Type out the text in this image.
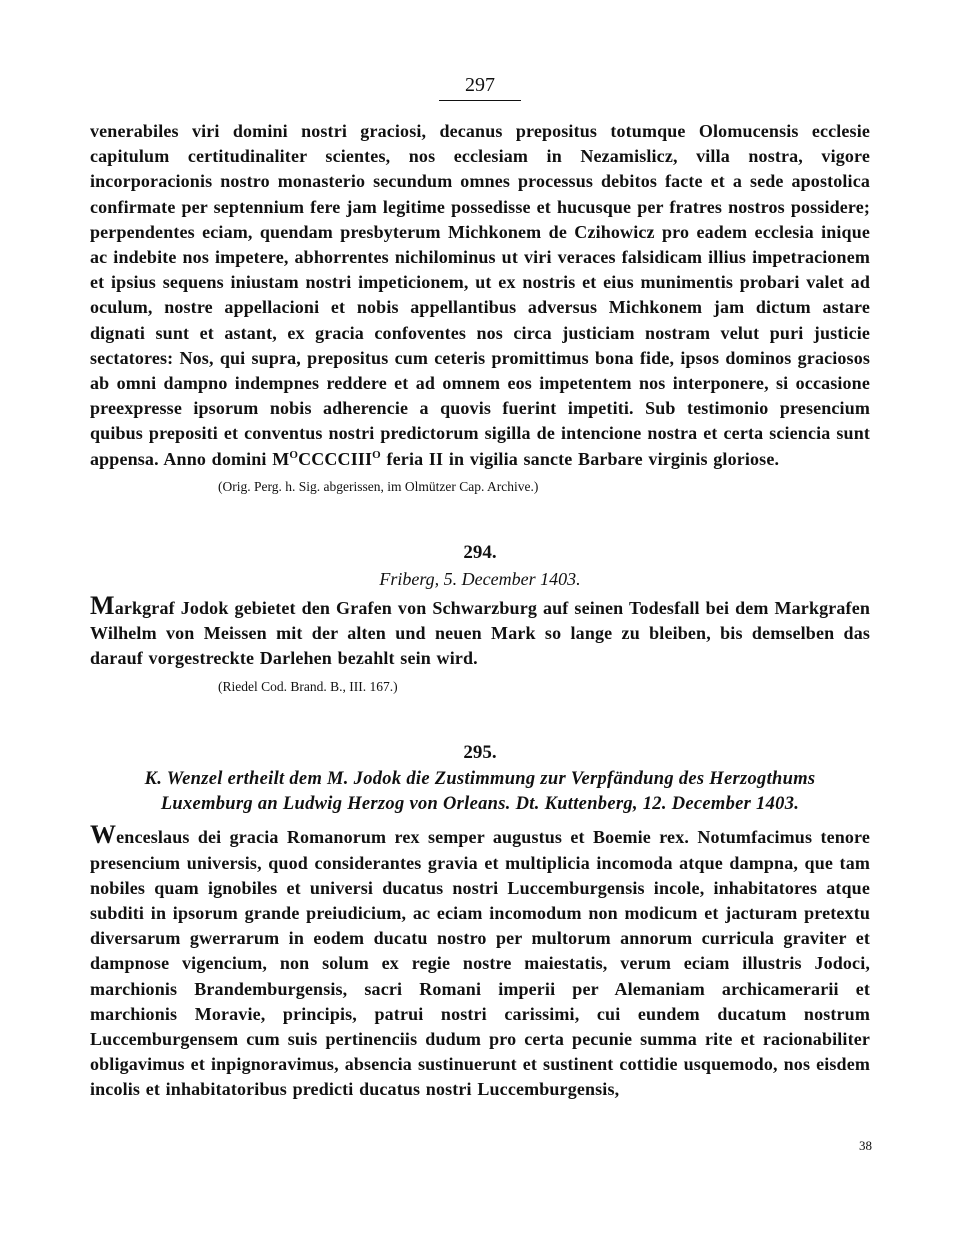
297

venerabiles viri domini nostri graciosi, decanus prepositus totumque Olomucensis ecclesie capitulum certitudinaliter scientes, nos ecclesiam in Nezamislicz, villa nostra, vigore incorporacionis nostro monasterio secundum omnes processus debitos facte et a sede apostolica confirmate per septennium fere jam legitime possedisse et hucusque per fratres nostros possidere; perpendentes eciam, quendam presbyterum Michkonem de Czihowicz pro eadem ecclesia inique ac indebite nos impetere, abhorrentes nichilominus ut viri veraces falsidicam illius impetracionem et ipsius sequens iniustam nostri impeticionem, ut ex nostris et eius munimentis probari valet ad oculum, nostre appellacioni et nobis appellantibus adversus Michkonem jam dictum astare dignati sunt et astant, ex gracia confoventes nos circa justiciam nostram velut puri justicie sectatores: Nos, qui supra, prepositus cum ceteris promittimus bona fide, ipsos dominos graciosos ab omni dampno indempnes reddere et ad omnem eos impetentem nos interponere, si occasione preexpresse ipsorum nobis adherencie a quovis fuerint impetiti. Sub testimonio presencium quibus prepositi et conventus nostri predictorum sigilla de intencione nostra et certa sciencia sunt appensa. Anno domini $M^OCCCCIII^O$ feria II in vigilia sancte Barbare virginis gloriose.

(Orig. Perg. h. Sig. abgerissen, im Olmützer Cap. Archive.)
294.
Friberg, 5. December 1403.

Markgraf Jodok gebietet den Grafen von Schwarzburg auf seinen Todesfall bei dem Markgrafen Wilhelm von Meissen mit der alten und neuen Mark so lange zu bleiben, bis demselben das darauf vorgestreckte Darlehen bezahlt sein wird.

(Riedel Cod. Brand. B., III. 167.)
295.
K. Wenzel ertheilt dem M. Jodok die Zustimmung zur Verpfändung des Herzogthums
Luxemburg an Ludwig Herzog von Orleans. Dt. Kuttenberg, 12. December 1403.

Wenceslaus dei gracia Romanorum rex semper augustus et Boemie rex. Notumfacimus tenore presencium universis, quod considerantes gravia et multiplicia incomoda atque dampna, que tam nobiles quam ignobiles et universi ducatus nostri Luccemburgensis incole, inhabitatores atque subditi in ipsorum grande preiudicium, ac eciam incomodum non modicum et jacturam pretextu diversarum gwerrarum in eodem ducatu nostro per multorum annorum curricula graviter et dampnose vigencium, non solum ex regie nostre maiestatis, verum eciam illustris Jodoci, marchionis Brandemburgensis, sacri Romani imperii per Alemaniam archicamerarii et marchionis Moravie, principis, patrui nostri carissimi, cui eundem ducatum nostrum Luccemburgensem cum suis pertinenciis dudum pro certa pecunie summa rite et racionabiliter obligavimus et inpignoravimus, absencia sustinuerunt et sustinent cottidie usquemodo, nos eisdem incolis et inhabitatoribus predicti ducatus nostri Luccemburgensis,

38
